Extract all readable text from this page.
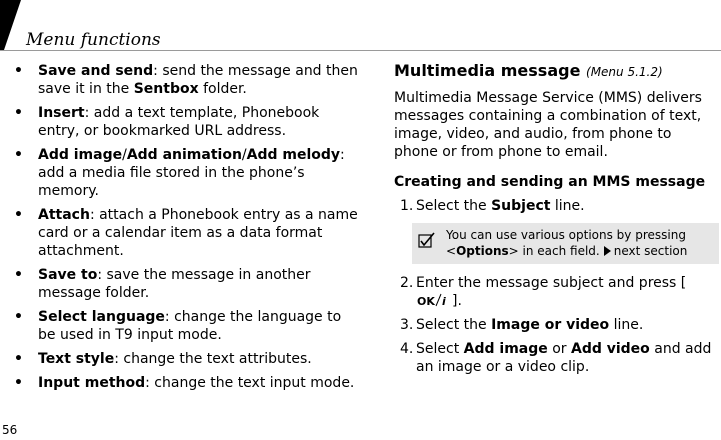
Menu functions
• Save and send: send the message and then save it in the Sentbox folder.
• Insert: add a text template, Phonebook entry, or bookmarked URL address.
• Add image/Add animation/Add melody: add a media file stored in the phone’s memory.
• Attach: attach a Phonebook entry as a name card or a calendar item as a data format attachment.
• Save to: save the message in another message folder.
• Select language: change the language to be used in T9 input mode.
• Text style: change the text attributes.
• Input method: change the text input mode.
Multimedia message (Menu 5.1.2)
Multimedia Message Service (MMS) delivers messages containing a combination of text, image, video, and audio, from phone to phone or from phone to email.
Creating and sending an MMS message
1. Select the Subject line.
You can use various options by pressing <Options> in each field. next section
2. Enter the message subject and press [
OK i ].
3. Select the Image or video line.
4. Select Add image or Add video and add an image or a video clip.
56
